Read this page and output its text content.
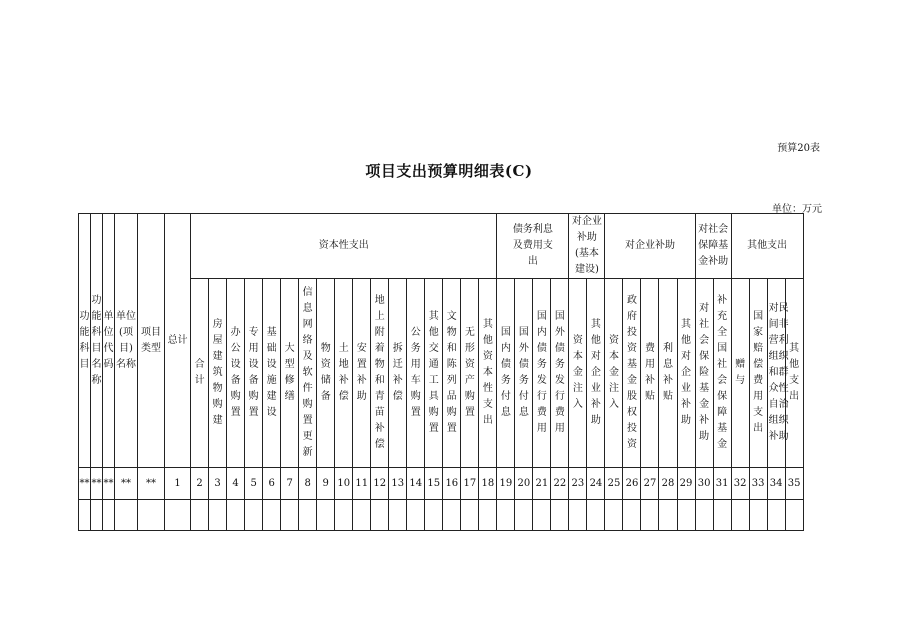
预算20表
项目支出预算明细表(C)
单位：万元
功能科目	功能科目名称	单位代码	单位(项目)名称	项目类型	总计	资本性支出																	债务利息及费用支出				对企业补助(基本建设)		对企业补助					对社会保障基金补助		其他支出			

						合计	房屋建筑物购建	办公设备购置	专用设备购置	基础设施建设	大型修缮	信息网络及软件购置更新	物资储备	土地补偿	安置补助	地上附着物和青苗补偿	拆迁补偿	公务用车购置	其他交通工具购置	文物和陈列品购置	无形资产购置	其他资本性支出	国内债务付息	国外债务付息	国内债务发行费用	国外债务发行费用	资本金注入	其他对企业补助	资本金注入	政府投资基金股权投资	费用补贴	利息补贴	其他对企业补助	对社会保险基金补助	补充全国社会保障基金	赠与	国家赔偿费用支出	对民间非营利组织和群众性自治组织补助	其他支出

**	**	**	**	**	1	2	3	4	5	6	7	8	9	10	11	12	13	14	15	16	17	18	19	20	21	22	23	24	25	26	27	28	29	30	31	32	33	34	35
